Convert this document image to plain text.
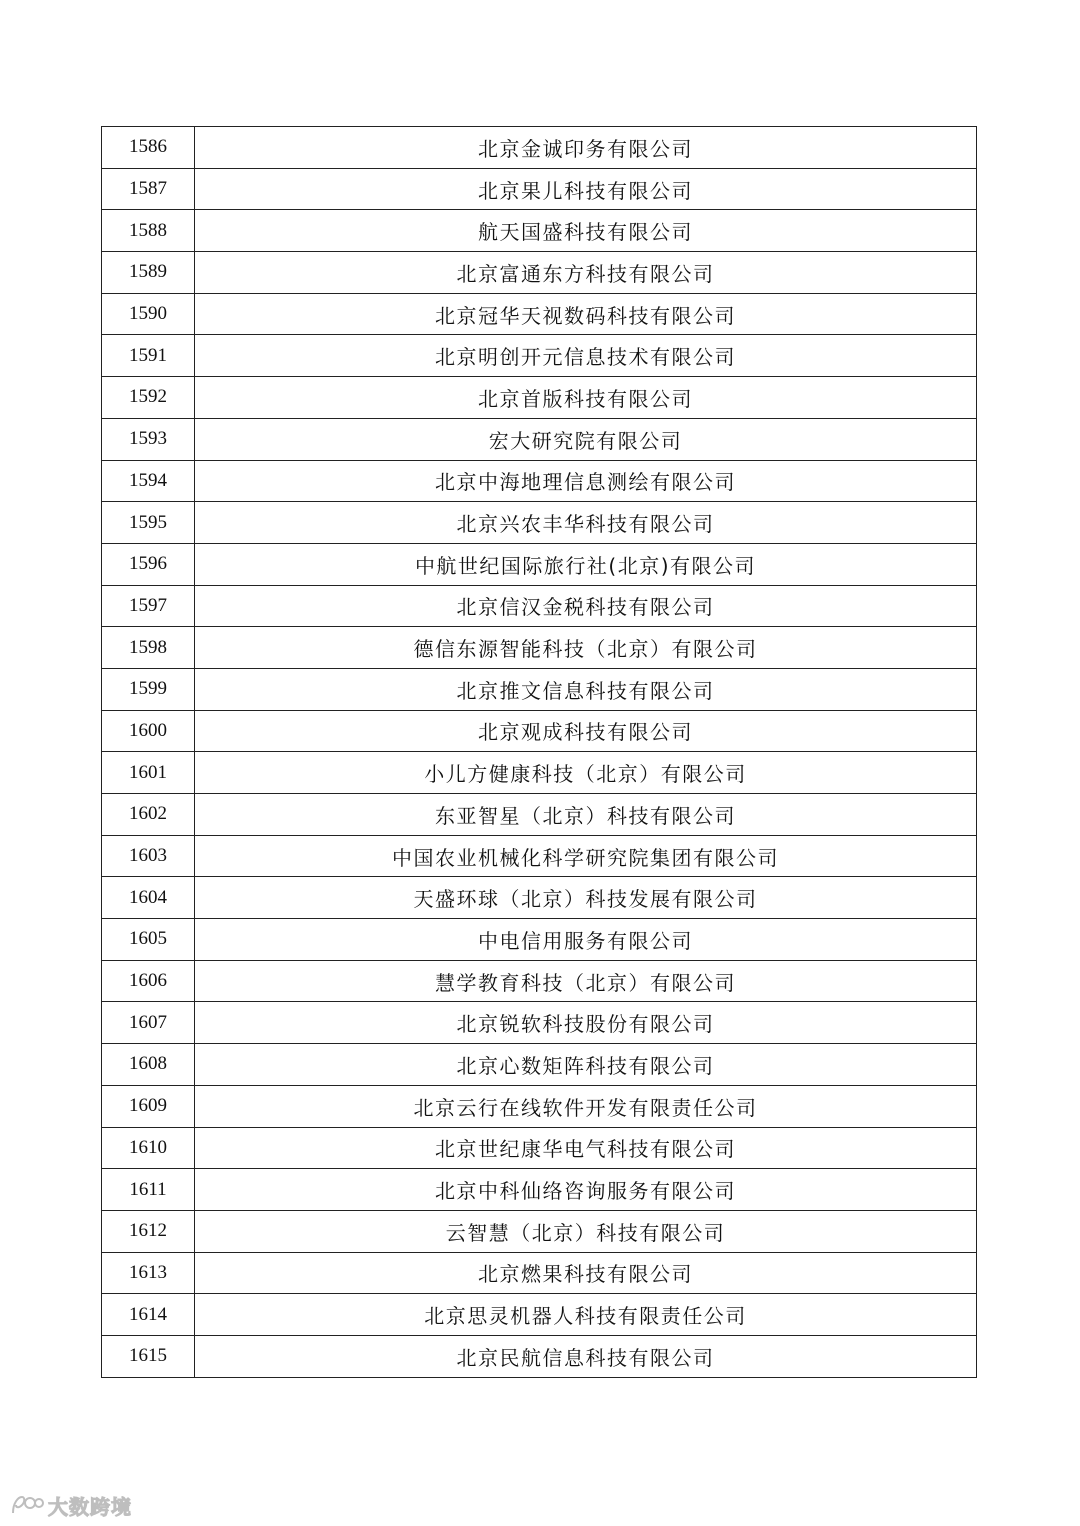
1586	北京金诚印务有限公司
1587	北京果儿科技有限公司
1588	航天国盛科技有限公司
1589	北京富通东方科技有限公司
1590	北京冠华天视数码科技有限公司
1591	北京明创开元信息技术有限公司
1592	北京首版科技有限公司
1593	宏大研究院有限公司
1594	北京中海地理信息测绘有限公司
1595	北京兴农丰华科技有限公司
1596	中航世纪国际旅行社(北京)有限公司
1597	北京信汉金税科技有限公司
1598	德信东源智能科技（北京）有限公司
1599	北京推文信息科技有限公司
1600	北京观成科技有限公司
1601	小儿方健康科技（北京）有限公司
1602	东亚智星（北京）科技有限公司
1603	中国农业机械化科学研究院集团有限公司
1604	天盛环球（北京）科技发展有限公司
1605	中电信用服务有限公司
1606	慧学教育科技（北京）有限公司
1607	北京锐软科技股份有限公司
1608	北京心数矩阵科技有限公司
1609	北京云行在线软件开发有限责任公司
1610	北京世纪康华电气科技有限公司
1611	北京中科仙络咨询服务有限公司
1612	云智慧（北京）科技有限公司
1613	北京燃果科技有限公司
1614	北京思灵机器人科技有限责任公司
1615	北京民航信息科技有限公司
大数跨境
